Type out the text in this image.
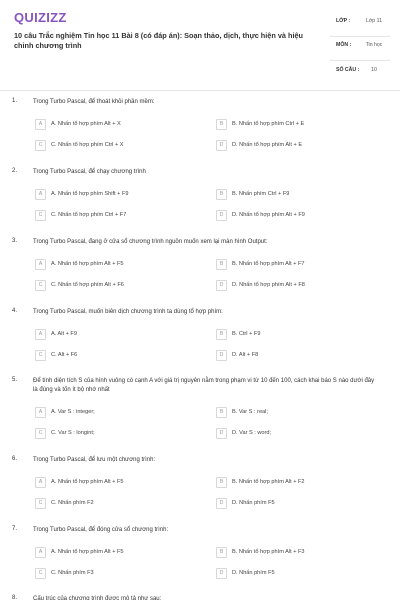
QUIZIZZ
10 câu Trắc nghiệm Tin học 11 Bài 8 (có đáp án): Soạn thảo, dịch, thực hiện và hiệu chỉnh chương trình
LỚP :	Lớp 11
MÔN :	Tin học
SỐ CÂU :	10
1.	Trong Turbo Pascal, để thoát khỏi phần mềm:
A	A. Nhấn tổ hợp phím Alt + X	B	B. Nhấn tổ hợp phím Ctrl + E
C	C. Nhấn tổ hợp phím Ctrl + X	D	D. Nhấn tổ hợp phím Alt + E
2.	Trong Turbo Pascal, để chạy chương trình
A	A. Nhấn tổ hợp phím Shift + F9	B	B. Nhấn phím Ctrl + F9
C	C. Nhấn tổ hợp phím Ctrl + F7	D	D. Nhấn tổ hợp phím Alt + F9
3.	Trong Turbo Pascal, đang ở cửa sổ chương trình nguồn muốn xem lại màn hình Output:
A	A. Nhấn tổ hợp phím Alt + F5	B	B. Nhấn tổ hợp phím Alt + F7
C	C. Nhấn tổ hợp phím Alt + F6	D	D. Nhấn tổ hợp phím Alt + F8
4.	Trong Turbo Pascal, muốn biên dịch chương trình ta dùng tổ hợp phím:
A	A. Alt + F9	B	B. Ctrl + F9
C	C. Alt + F6	D	D. Alt + F8
5.	Để tính diện tích S của hình vuông có cạnh A với giá trị nguyên nằm trong phạm vi từ 10 đến 100, cách khai báo S nào dưới đây là đúng và tốn ít bộ nhớ nhất
A	A. Var S : integer;	B	B. Var S : real;
C	C. Var S : longint;	D	D. Var S : word;
6.	Trong Turbo Pascal, để lưu một chương trình:
A	A. Nhấn tổ hợp phím Alt + F5	B	B. Nhấn tổ hợp phím Alt + F2
C	C. Nhấn phím F2	D	D. Nhấn phím F5
7.	Trong Turbo Pascal, để đóng cửa sổ chương trình:
A	A. Nhấn tổ hợp phím Alt + F5	B	B. Nhấn tổ hợp phím Alt + F3
C	C. Nhấn phím F3	D	D. Nhấn phím F5
8.	Cấu trúc của chương trình được mô tả như sau:
